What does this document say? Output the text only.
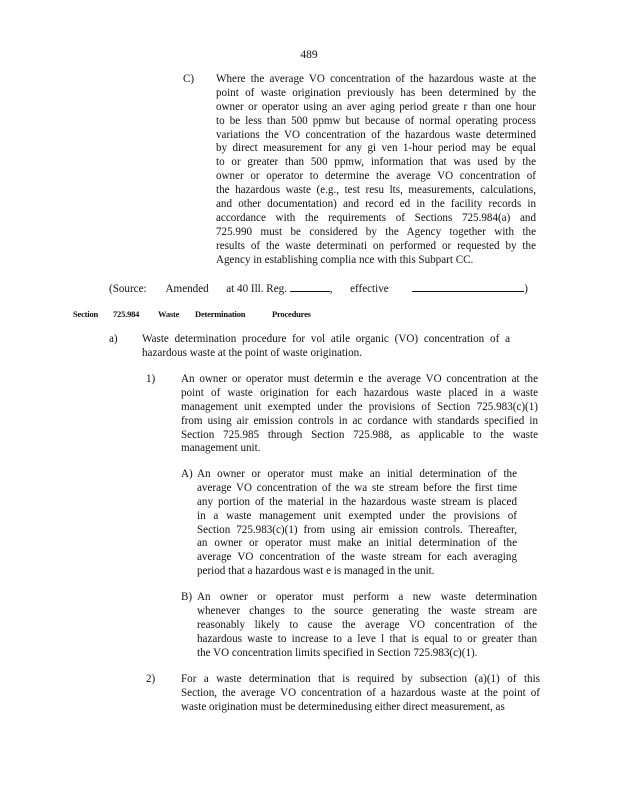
489
C) Where the average VO concentration of the hazardous waste at the
point of waste origination previously has been determined by the
owner or operator using an aver aging period greate r than one hour
to be less than 500 ppmw but because of normal operating process
variations the VO concentration of the hazardous waste determined
by direct measurement for any gi ven 1-hour period may be equal
to or greater than 500 ppmw, information that was used by the
owner or operator to determine the average VO concentration of
the hazardous waste (e.g., test resu lts, measurements, calculations,
and other documentation) and record ed in the facility records in
accordance with the requirements of Sections 725.984(a) and
725.990 must be considered by the Agency together with the
results of the waste determinati on performed or requested by the
Agency in establishing complia nce with this Subpart CC.
(Source: Amended at 40 Ill. Reg.	, effective	)
Section 725.984 Waste Determination	Procedures
a) Waste determination procedure for vol atile organic (VO) concentration of a
hazardous waste at the point of waste origination.
1) An owner or operator must determin e the average VO concentration at the
point of waste origination for each hazardous waste placed in a waste
management unit exempted under the provisions of Section 725.983(c)(1)
from using air emission controls in ac cordance with standards specified in
Section 725.985 through Section 725.988, as applicable to the waste
management unit.
A) An owner or operator must make an initial determination of the
average VO concentration of the wa ste stream before the first time
any portion of the material in the hazardous waste stream is placed
in a waste management unit exempted under the provisions of
Section 725.983(c)(1) from using air emission controls. Thereafter,
an owner or operator must make an initial determination of the
average VO concentration of the waste stream for each averaging
period that a hazardous wast e is managed in the unit.
B) An owner or operator must perform a new waste determination
whenever changes to the source generating the waste stream are
reasonably likely to cause the average VO concentration of the
hazardous waste to increase to a leve l that is equal to or greater than
the VO concentration limits specified in Section 725.983(c)(1).
2) For a waste determination that is required by subsection (a)(1) of this
Section, the average VO concentration of a hazardous waste at the point of
waste origination must be determinedusing either direct measurement, as
